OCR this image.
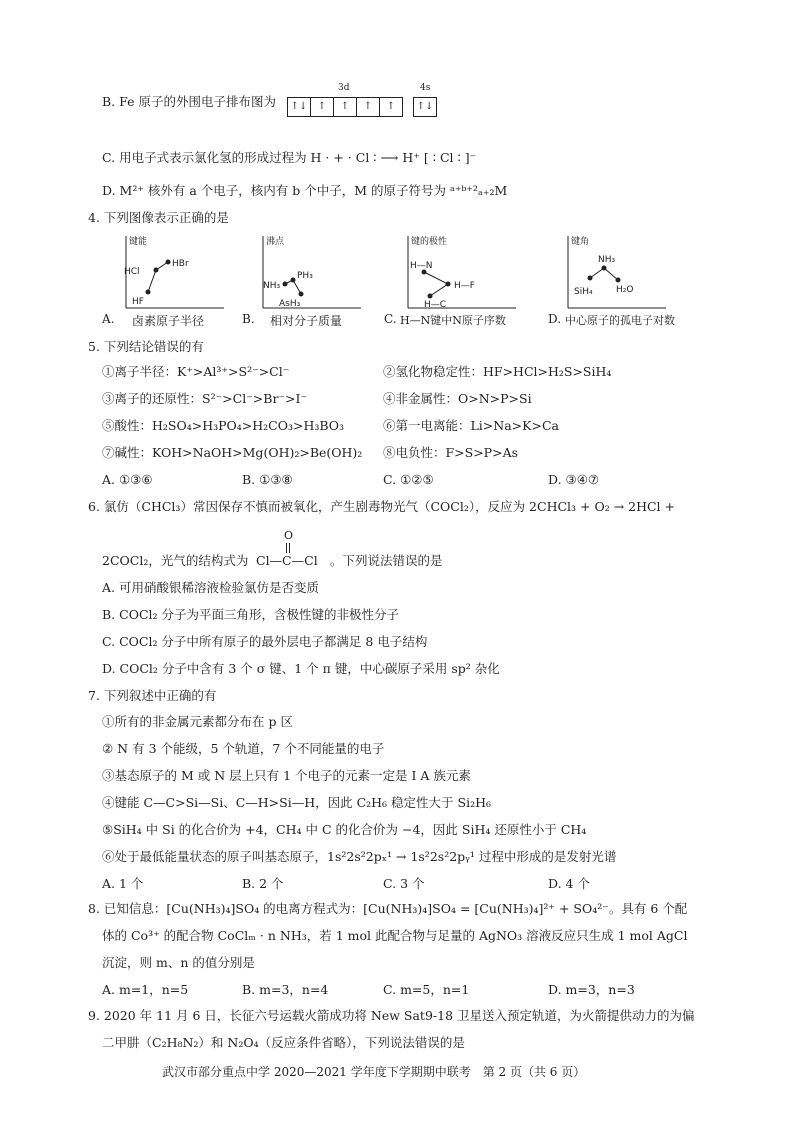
B. Fe 原子的外围电子排布图为
3d	4s
↑↓	↑	↑	↑	↑	↑↓
C. 用电子式表示氯化氢的形成过程为 H · + · Cl ∶ ⟶ H⁺ [ ∶ Cl ∶ ]⁻
D. M²⁺ 核外有 a 个电子，核内有 b 个中子，M 的原子符号为 ᵃ⁺ᵇ⁺²ₐ₊₂M
4. 下列图像表示正确的是
键能
HCl
HBr
HF
A. 卤素原子半径
沸点
NH₃
PH₃
AsH₃
B. 相对分子质量
键的极性
H—N
H—F
H—C
C. H—N键中N原子序数
键角
NH₃
SiH₄	H₂O
D. 中心原子的孤电子对数
5. 下列结论错误的有
①离子半径：K⁺>Al³⁺>S²⁻>Cl⁻	②氢化物稳定性：HF>HCl>H₂S>SiH₄
③离子的还原性：S²⁻>Cl⁻>Br⁻>I⁻	④非金属性：O>N>P>Si
⑤酸性：H₂SO₄>H₃PO₄>H₂CO₃>H₃BO₃	⑥第一电离能：Li>Na>K>Ca
⑦碱性：KOH>NaOH>Mg(OH)₂>Be(OH)₂ ⑧电负性：F>S>P>As
A. ①③⑥	B. ①③⑧	C. ①②⑤	D. ③④⑦
6. 氯仿（CHCl₃）常因保存不慎而被氧化，产生剧毒物光气（COCl₂），反应为 2CHCl₃ + O₂ → 2HCl +
O
2COCl₂，光气的结构式为 Cl—C—Cl 。下列说法错误的是
A. 可用硝酸银稀溶液检验氯仿是否变质
B. COCl₂ 分子为平面三角形，含极性键的非极性分子
C. COCl₂ 分子中所有原子的最外层电子都满足 8 电子结构
D. COCl₂ 分子中含有 3 个 σ 键、1 个 π 键，中心碳原子采用 sp² 杂化
7. 下列叙述中正确的有
①所有的非金属元素都分布在 p 区
② N 有 3 个能级，5 个轨道，7 个不同能量的电子
③基态原子的 M 或 N 层上只有 1 个电子的元素一定是 Ⅰ A 族元素
④键能 C—C>Si—Si、C—H>Si—H，因此 C₂H₆ 稳定性大于 Si₂H₆
⑤SiH₄ 中 Si 的化合价为 +4，CH₄ 中 C 的化合价为 −4，因此 SiH₄ 还原性小于 CH₄
⑥处于最低能量状态的原子叫基态原子，1s²2s²2pₓ¹ → 1s²2s²2pᵧ¹ 过程中形成的是发射光谱
A. 1 个	B. 2 个	C. 3 个	D. 4 个
8. 已知信息：[Cu(NH₃)₄]SO₄ 的电离方程式为：[Cu(NH₃)₄]SO₄ = [Cu(NH₃)₄]²⁺ + SO₄²⁻。具有 6 个配
体的 Co³⁺ 的配合物 CoClₘ · n NH₃，若 1 mol 此配合物与足量的 AgNO₃ 溶液反应只生成 1 mol AgCl
沉淀，则 m、n 的值分别是
A. m=1，n=5	B. m=3，n=4	C. m=5，n=1	D. m=3，n=3
9. 2020 年 11 月 6 日，长征六号运载火箭成功将 New Sat9-18 卫星送入预定轨道，为火箭提供动力的为偏
二甲肼（C₂H₈N₂）和 N₂O₄（反应条件省略），下列说法错误的是
武汉市部分重点中学 2020—2021 学年度下学期期中联考　第 2 页（共 6 页）
